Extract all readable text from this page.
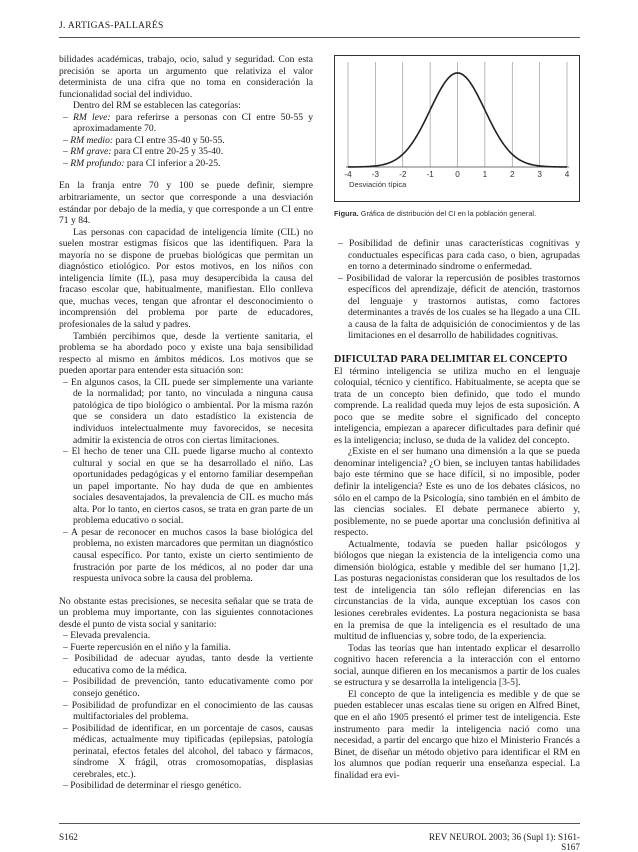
J. ARTIGAS-PALLARÉS

bilidades académicas, trabajo, ocio, salud y seguridad. Con esta precisión se aporta un argumento que relativiza el valor determinista de una cifra que no toma en consideración la funcionalidad social del individuo.

Dentro del RM se establecen las categorías:

– RM leve: para referirse a personas con CI entre 50-55 y aproximadamente 70.

– RM medio: para CI entre 35-40 y 50-55.

– RM grave: para CI entre 20-25 y 35-40.

– RM profundo: para CI inferior a 20-25.

En la franja entre 70 y 100 se puede definir, siempre arbitrariamente, un sector que corresponde a una desviación estándar por debajo de la media, y que corresponde a un CI entre 71 y 84.

Las personas con capacidad de inteligencia límite (CIL) no suelen mostrar estigmas físicos que las identifiquen. Para la mayoría no se dispone de pruebas biológicas que permitan un diagnóstico etiológico. Por estos motivos, en los niños con inteligencia límite (IL), pasa muy desapercibida la causa del fracaso escolar que, habitualmente, manifiestan. Ello conlleva que, muchas veces, tengan que afrontar el desconocimiento o incomprensión del problema por parte de educadores, profesionales de la salud y padres.

También percibimos que, desde la vertiente sanitaria, el problema se ha abordado poco y existe una baja sensibilidad respecto al mismo en ámbitos médicos. Los motivos que se pueden aportar para entender esta situación son:

– En algunos casos, la CIL puede ser simplemente una variante de la normalidad; por tanto, no vinculada a ninguna causa patológica de tipo biológico o ambiental. Por la misma razón que se considera un dato estadístico la existencia de individuos intelectualmente muy favorecidos, se necesita admitir la existencia de otros con ciertas limitaciones.

– El hecho de tener una CIL puede ligarse mucho al contexto cultural y social en que se ha desarrollado el niño. Las oportunidades pedagógicas y el entorno familiar desempeñan un papel importante. No hay duda de que en ambientes sociales desaventajados, la prevalencia de CIL es mucho más alta. Por lo tanto, en ciertos casos, se trata en gran parte de un problema educativo o social.

– A pesar de reconocer en muchos casos la base biológica del problema, no existen marcadores que permitan un diagnóstico causal específico. Por tanto, existe un cierto sentimiento de frustración por parte de los médicos, al no poder dar una respuesta unívoca sobre la causa del problema.

No obstante estas precisiones, se necesita señalar que se trata de un problema muy importante, con las siguientes connotaciones desde el punto de vista social y sanitario:

– Elevada prevalencia.

– Fuerte repercusión en el niño y la familia.

– Posibilidad de adecuar ayudas, tanto desde la vertiente educativa como de la médica.

– Posibilidad de prevención, tanto educativamente como por consejo genético.

– Posibilidad de profundizar en el conocimiento de las causas multifactoriales del problema.

– Posibilidad de identificar, en un porcentaje de casos, causas médicas, actualmente muy tipificadas (epilepsias, patología perinatal, efectos fetales del alcohol, del tabaco y fármacos, síndrome X frágil, otras cromosomopatías, displasias cerebrales, etc.).

– Posibilidad de determinar el riesgo genético.

-4 -3 -2 -1	0	1	2	3	4
Desviación típica
Figura. Gráfica de distribución del CI en la población general.

– Posibilidad de definir unas características cognitivas y conductuales específicas para cada caso, o bien, agrupadas en torno a determinado síndrome o enfermedad.

– Posibilidad de valorar la repercusión de posibles trastornos específicos del aprendizaje, déficit de atención, trastornos del lenguaje y trastornos autistas, como factores determinantes a través de los cuales se ha llegado a una CIL a causa de la falta de adquisición de conocimientos y de las limitaciones en el desarrollo de habilidades cognitivas.

DIFICULTAD PARA DELIMITAR EL CONCEPTO

El término inteligencia se utiliza mucho en el lenguaje coloquial, técnico y científico. Habitualmente, se acepta que se trata de un concepto bien definido, que todo el mundo comprende. La realidad queda muy lejos de esta suposición. A poco que se medite sobre el significado del concepto inteligencia, empiezan a aparecer dificultades para definir qué es la inteligencia; incluso, se duda de la validez del concepto.

¿Existe en el ser humano una dimensión a la que se pueda denominar inteligencia? ¿O bien, se incluyen tantas habilidades bajo este término que se hace difícil, si no imposible, poder definir la inteligencia? Este es uno de los debates clásicos, no sólo en el campo de la Psicología, sino también en el ámbito de las ciencias sociales. El debate permanece abierto y, posiblemente, no se puede aportar una conclusión definitiva al respecto.

Actualmente, todavía se pueden hallar psicólogos y biólogos que niegan la existencia de la inteligencia como una dimensión biológica, estable y medible del ser humano [1,2]. Las posturas negacionistas consideran que los resultados de los test de inteligencia tan sólo reflejan diferencias en las circunstancias de la vida, aunque exceptúan los casos con lesiones cerebrales evidentes. La postura negacionista se basa en la premisa de que la inteligencia es el resultado de una multitud de influencias y, sobre todo, de la experiencia.

Todas las teorías que han intentado explicar el desarrollo cognitivo hacen referencia a la interacción con el entorno social, aunque difieren en los mecanismos a partir de los cuales se estructura y se desarrolla la inteligencia [3-5].

El concepto de que la inteligencia es medible y de que se pueden establecer unas escalas tiene su origen en Alfred Binet, que en el año 1905 presentó el primer test de inteligencia. Este instrumento para medir la inteligencia nació como una necesidad, a partir del encargo que hizo el Ministerio Francés a Binet, de diseñar un método objetivo para identificar el RM en los alumnos que podían requerir una enseñanza especial. La finalidad era evi-

S162	REV NEUROL 2003; 36 (Supl 1): S161-S167
